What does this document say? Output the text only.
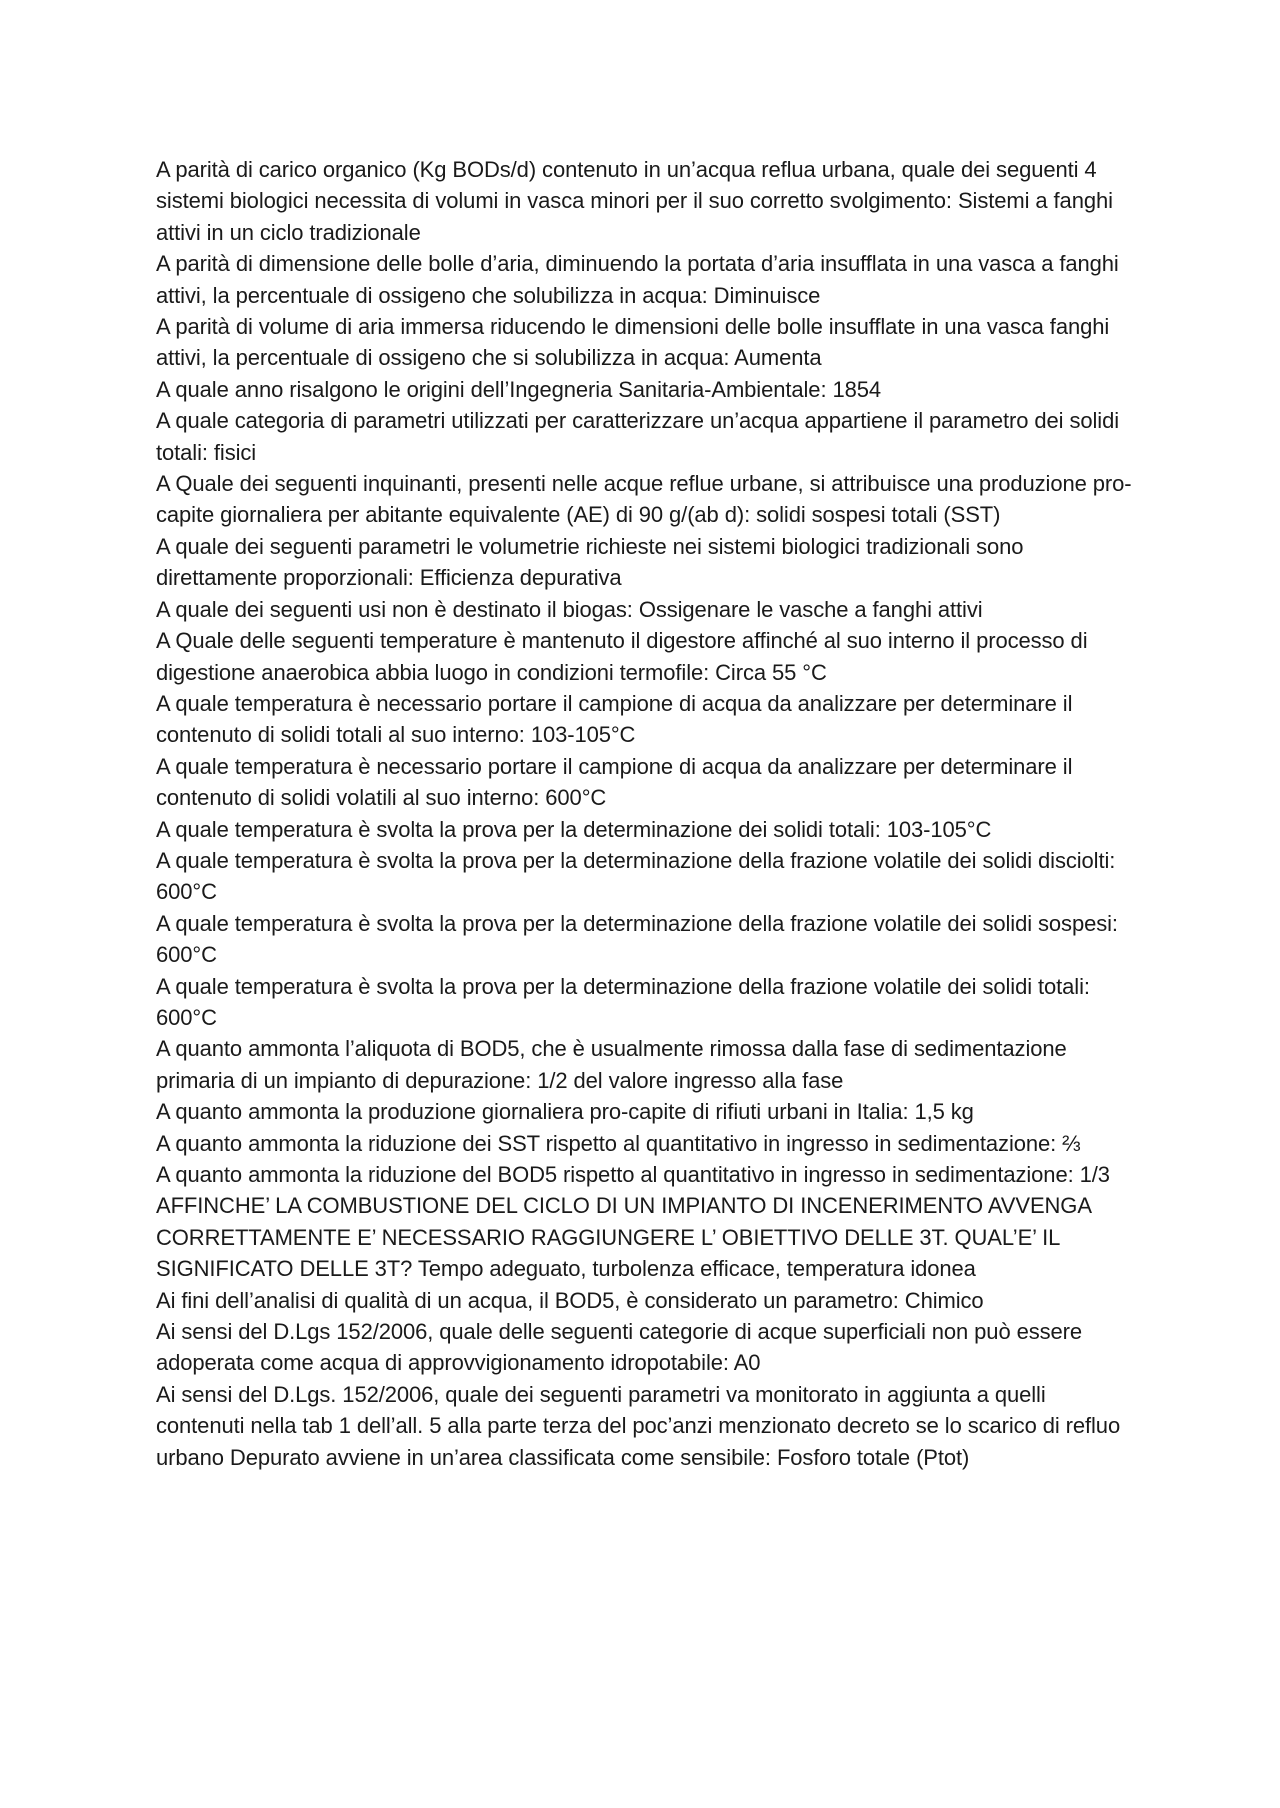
A parità di carico organico (Kg BODs/d) contenuto in un’acqua reflua urbana, quale dei seguenti 4 sistemi biologici necessita di volumi in vasca minori per il suo corretto svolgimento: Sistemi a fanghi attivi in un ciclo tradizionale

A parità di dimensione delle bolle d’aria, diminuendo la portata d’aria insufflata in una vasca a fanghi attivi, la percentuale di ossigeno che solubilizza in acqua: Diminuisce

A parità di volume di aria immersa riducendo le dimensioni delle bolle insufflate in una vasca fanghi attivi, la percentuale di ossigeno che si solubilizza in acqua: Aumenta

A quale anno risalgono le origini dell’Ingegneria Sanitaria-Ambientale: 1854

A quale categoria di parametri utilizzati per caratterizzare un’acqua appartiene il parametro dei solidi totali: fisici

A Quale dei seguenti inquinanti, presenti nelle acque reflue urbane, si attribuisce una produzione pro-capite giornaliera per abitante equivalente (AE) di 90 g/(ab d): solidi sospesi totali (SST)

A quale dei seguenti parametri le volumetrie richieste nei sistemi biologici tradizionali sono direttamente proporzionali: Efficienza depurativa

A quale dei seguenti usi non è destinato il biogas: Ossigenare le vasche a fanghi attivi

A Quale delle seguenti temperature è mantenuto il digestore affinché al suo interno il processo di digestione anaerobica abbia luogo in condizioni termofile: Circa 55 °C

A quale temperatura è necessario portare il campione di acqua da analizzare per determinare il contenuto di solidi totali al suo interno: 103-105°C

A quale temperatura è necessario portare il campione di acqua da analizzare per determinare il contenuto di solidi volatili al suo interno: 600°C

A quale temperatura è svolta la prova per la determinazione dei solidi totali: 103-105°C

A quale temperatura è svolta la prova per la determinazione della frazione volatile dei solidi disciolti: 600°C

A quale temperatura è svolta la prova per la determinazione della frazione volatile dei solidi sospesi: 600°C

A quale temperatura è svolta la prova per la determinazione della frazione volatile dei solidi totali: 600°C

A quanto ammonta l’aliquota di BOD5, che è usualmente rimossa dalla fase di sedimentazione primaria di un impianto di depurazione: 1/2 del valore ingresso alla fase

A quanto ammonta la produzione giornaliera pro-capite di rifiuti urbani in Italia: 1,5 kg

A quanto ammonta la riduzione dei SST rispetto al quantitativo in ingresso in sedimentazione: ⅔

A quanto ammonta la riduzione del BOD5 rispetto al quantitativo in ingresso in sedimentazione: 1/3

AFFINCHE’ LA COMBUSTIONE DEL CICLO DI UN IMPIANTO DI INCENERIMENTO AVVENGA CORRETTAMENTE E’ NECESSARIO RAGGIUNGERE L’ OBIETTIVO DELLE 3T. QUAL’E’ IL SIGNIFICATO DELLE 3T? Tempo adeguato, turbolenza efficace, temperatura idonea

Ai fini dell’analisi di qualità di un acqua, il BOD5, è considerato un parametro: Chimico

Ai sensi del D.Lgs 152/2006, quale delle seguenti categorie di acque superficiali non può essere adoperata come acqua di approvvigionamento idropotabile: A0

Ai sensi del D.Lgs. 152/2006, quale dei seguenti parametri va monitorato in aggiunta a quelli contenuti nella tab 1 dell’all. 5 alla parte terza del poc’anzi menzionato decreto se lo scarico di refluo urbano Depurato avviene in un’area classificata come sensibile: Fosforo totale (Ptot)
